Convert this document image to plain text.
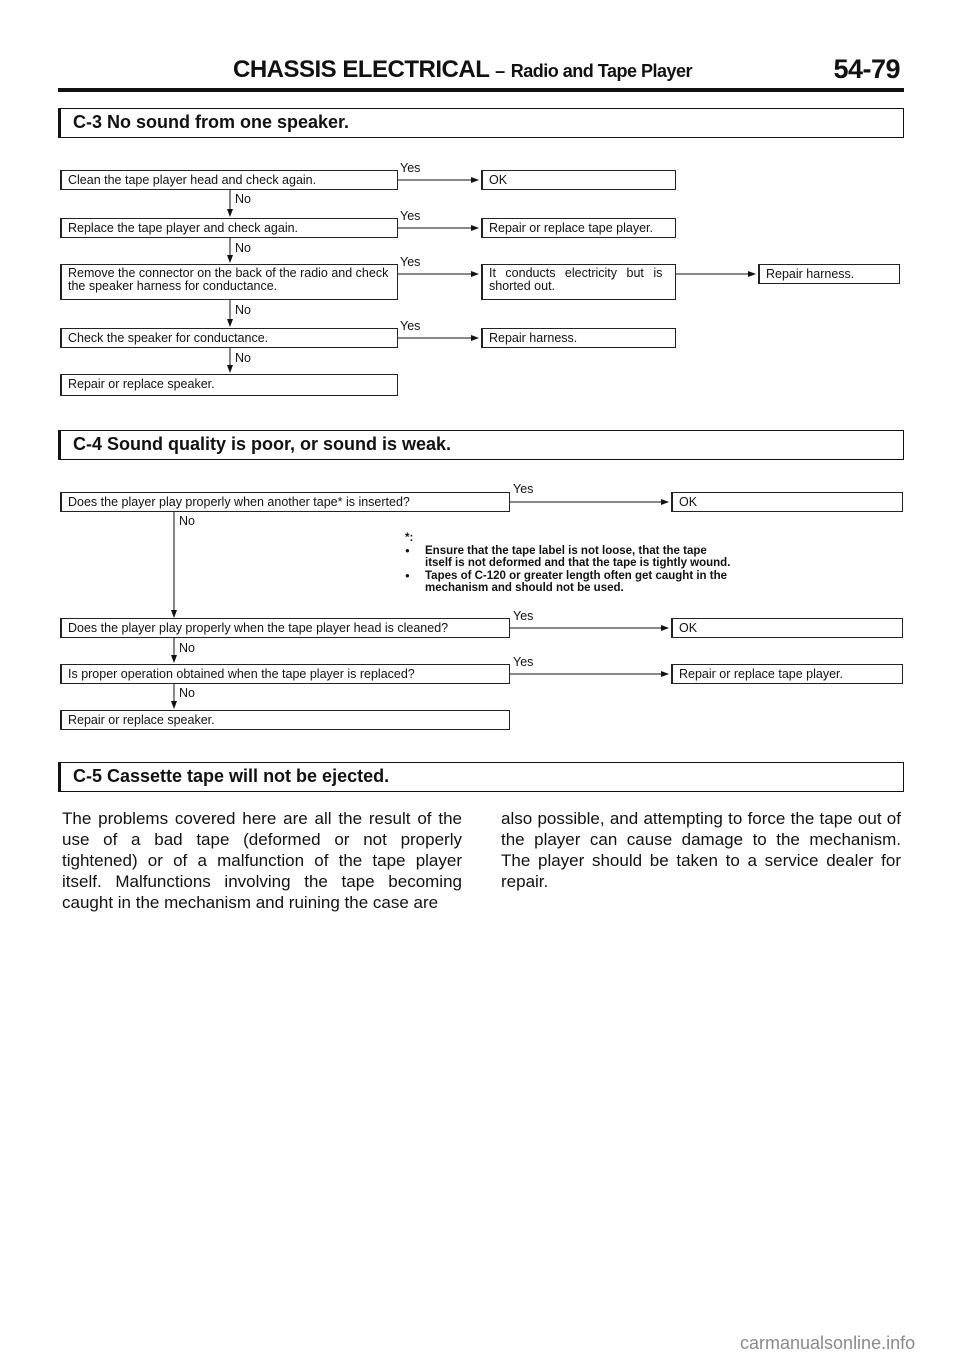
CHASSIS ELECTRICAL – Radio and Tape Player	54-79
C-3 No sound from one speaker.
Clean the tape player head and check again.
Yes
OK
No
Replace the tape player and check again.
Yes
Repair or replace tape player.
No
Remove the connector on the back of the radio and check
the speaker harness for conductance.
Yes
It conducts electricity but is
shorted out.
Repair harness.
No
Check the speaker for conductance.
Yes
Repair harness.
No
Repair or replace speaker.
C-4 Sound quality is poor, or sound is weak.
Does the player play properly when another tape* is inserted?
Yes
OK
No
*:
● Ensure that the tape label is not loose, that the tape itself is not deformed and that the tape is tightly wound.
● Tapes of C-120 or greater length often get caught in the mechanism and should not be used.
Does the player play properly when the tape player head is cleaned?
Yes
OK
No
Is proper operation obtained when the tape player is replaced?
Yes
Repair or replace tape player.
No
Repair or replace speaker.
C-5 Cassette tape will not be ejected.
The problems covered here are all the result of the use of a bad tape (deformed or not properly tightened) or of a malfunction of the tape player itself. Malfunctions involving the tape becoming caught in the mechanism and ruining the case are
also possible, and attempting to force the tape out of the player can cause damage to the mechanism. The player should be taken to a service dealer for repair.
carmanualsonline.info
